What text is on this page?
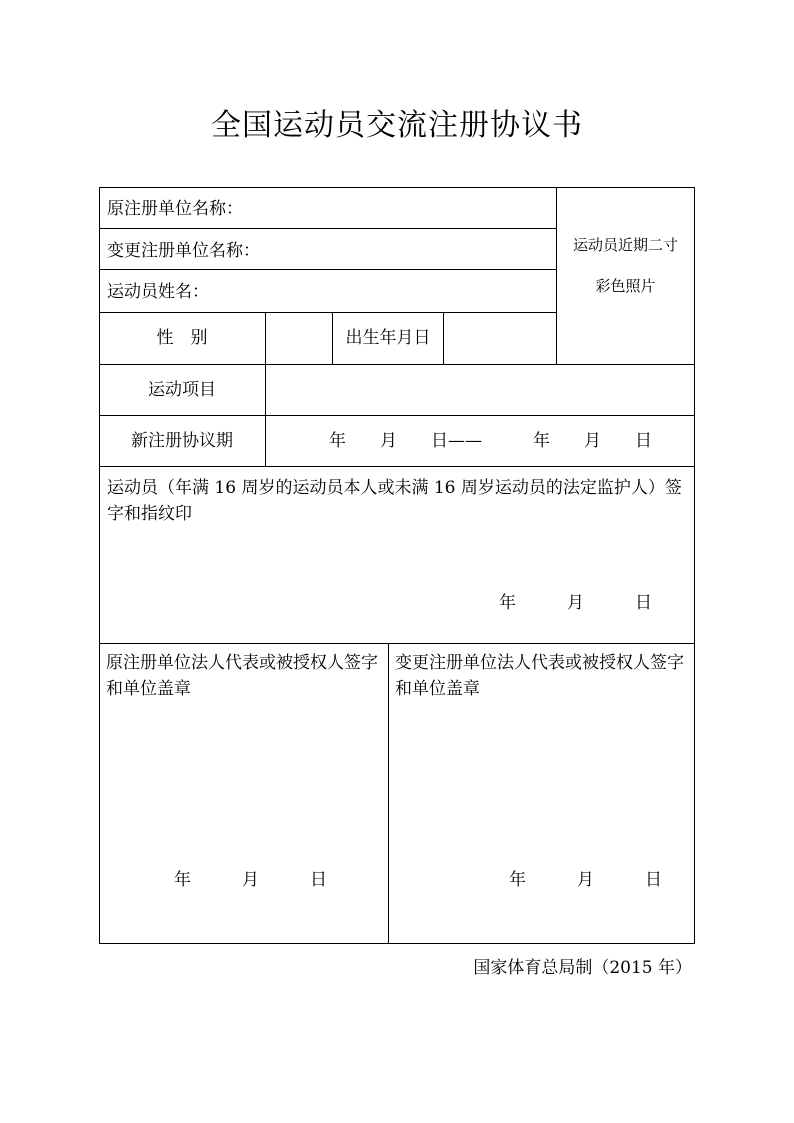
全国运动员交流注册协议书
原注册单位名称：
变更注册单位名称：
运动员姓名：
运动员近期二寸
彩色照片
性　别	出生年月日
运动项目
新注册协议期	年　　月　　日——　　　年　　月　　日
运动员（年满 16 周岁的运动员本人或未满 16 周岁运动员的法定监护人）签字和指纹印
年　　　月　　　日
原注册单位法人代表或被授权人签字和单位盖章
年　　　月　　　日
变更注册单位法人代表或被授权人签字和单位盖章
年　　　月　　　日
国家体育总局制（2015 年）
